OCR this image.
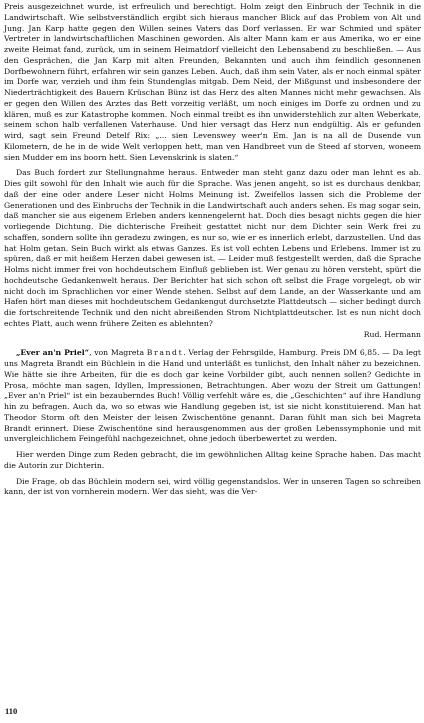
Preis ausgezeichnet wurde, ist erfreulich und berechtigt. Holm zeigt den Einbruch der Technik in die Landwirtschaft. Wie selbstverständlich ergibt sich hieraus mancher Blick auf das Problem von Alt und Jung. Jan Karp hatte gegen den Willen seines Vaters das Dorf verlassen. Er war Schmied und später Vertreter in landwirtschaftlichen Maschinen geworden. Als alter Mann kam er aus Amerika, wo er eine zweite Heimat fand, zurück, um in seinem Heimatdorf vielleicht den Lebensabend zu beschließen. — Aus den Gesprächen, die Jan Karp mit alten Freunden, Bekannten und auch ihm feindlich gesonnenen Dorfbewohnern führt, erfahren wir sein ganzes Leben. Auch, daß ihm sein Vater, als er noch einmal später im Dorfe war, verzieh und ihm fein Stundenglas mitgab. Dem Neid, der Mißgunst und insbesondere der Niederträchtigkeit des Bauern Krüschan Bünz ist das Herz des alten Mannes nicht mehr gewachsen. Als er gegen den Willen des Arztes das Bett vorzeitig verläßt, um noch einiges im Dorfe zu ordnen und zu klären, muß es zur Katastrophe kommen. Noch einmal treibt es ihn unwiderstehlich zur alten Weberkate, seinem schon halb verfallenen Vaterhause. Und hier versagt das Herz nun endgültig. Als er gefunden wird, sagt sein Freund Detelf Rix: „... sien Levenswey weer'n Em. Jan is na all de Dusende vun Kilometern, de he in de wide Welt verloppen hett, man ven Handbreet vun de Steed af storven, woneem sien Mudder em ins boorn hett. Sien Levenskrink is slaten.“

Das Buch fordert zur Stellungnahme heraus. Entweder man steht ganz dazu oder man lehnt es ab. Dies gilt sowohl für den Inhalt wie auch für die Sprache. Was jenen angeht, so ist es durchaus denkbar, daß der eine oder andere Leser nicht Holms Meinung ist. Zweifellos lassen sich die Probleme der Generationen und des Einbruchs der Technik in die Landwirtschaft auch anders sehen. Es mag sogar sein, daß mancher sie aus eigenem Erleben anders kennengelernt hat. Doch dies besagt nichts gegen die hier vorliegende Dichtung. Die dichterische Freiheit gestattet nicht nur dem Dichter sein Werk frei zu schaffen, sondern sollte ihn geradezu zwingen, es nur so, wie er es innerlich erlebt, darzustellen. Und das hat Holm getan. Sein Buch wirkt als etwas Ganzes. Es ist voll echten Lebens und Erlebens. Immer ist zu spüren, daß er mit heißem Herzen dabei gewesen ist. — Leider muß festgestellt werden, daß die Sprache Holms nicht immer frei von hochdeutschem Einfluß geblieben ist. Wer genau zu hören versteht, spürt die hochdeutsche Gedankenwelt heraus. Der Berichter hat sich schon oft selbst die Frage vorgelegt, ob wir nicht doch im Sprachlichen vor einer Wende stehen. Selbst auf dem Lande, an der Wasserkante und am Hafen hört man dieses mit hochdeutschem Gedankengut durchsetzte Plattdeutsch — sicher bedingt durch die fortschreitende Technik und den nicht abreißenden Strom Nichtplattdeutscher. Ist es nun nicht doch echtes Platt, auch wenn frühere Zeiten es ablehnten?

Rud. Hermann

„Ever an'n Priel“, von Magreta Brandt. Verlag der Fehrsgilde, Hamburg. Preis DM 6,85. — Da legt uns Magreta Brandt ein Büchlein in die Hand und unterläßt es tunlichst, den Inhalt näher zu bezeichnen. Wie hätte sie ihre Arbeiten, für die es doch gar keine Vorbilder gibt, auch nennen sollen? Gedichte in Prosa, möchte man sagen, Idyllen, Impressionen, Betrachtungen. Aber wozu der Streit um Gattungen! „Ever an'n Priel“ ist ein bezauberndes Buch! Völlig verfehlt wäre es, die „Geschichten“ auf ihre Handlung hin zu befragen. Auch da, wo so etwas wie Handlung gegeben ist, ist sie nicht konstituierend. Man hat Theodor Storm oft den Meister der leisen Zwischentöne genannt. Daran fühlt man sich bei Magreta Brandt erinnert. Diese Zwischentöne sind herausgenommen aus der großen Lebenssymphonie und mit unvergleichlichem Feingefühl nachgezeichnet, ohne jedoch überbewertet zu werden.

Hier werden Dinge zum Reden gebracht, die im gewöhnlichen Alltag keine Sprache haben. Das macht die Autorin zur Dichterin.

Die Frage, ob das Büchlein modern sei, wird völlig gegenstandslos. Wer in unseren Tagen so schreiben kann, der ist von vornherein modern. Wer das sieht, was die Ver-

110
